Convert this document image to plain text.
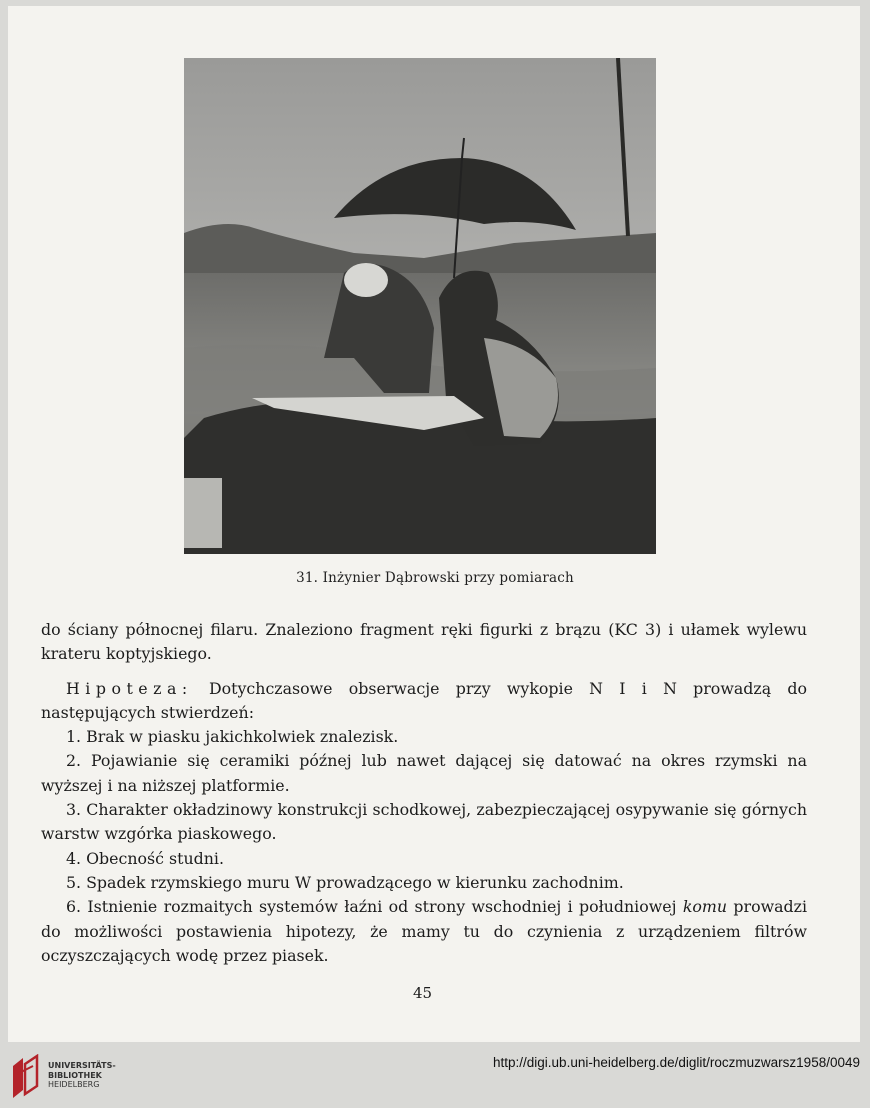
31. Inżynier Dąbrowski przy pomiarach

do ściany północnej filaru. Znaleziono fragment ręki figurki z brązu (KC 3) i ułamek wylewu krateru koptyjskiego.

Hipoteza: Dotychczasowe obserwacje przy wykopie N I i N prowadzą do następujących stwierdzeń:

1. Brak w piasku jakichkolwiek znalezisk.

2. Pojawianie się ceramiki późnej lub nawet dającej się datować na okres rzymski na wyższej i na niższej platformie.

3. Charakter okładzinowy konstrukcji schodkowej, zabezpieczającej osypywanie się górnych warstw wzgórka piaskowego.

4. Obecność studni.

5. Spadek rzymskiego muru W prowadzącego w kierunku zachodnim.

6. Istnienie rozmaitych systemów łaźni od strony wschodniej i południowej komu prowadzi do możliwości postawienia hipotezy, że mamy tu do czynienia z urządzeniem filtrów oczyszczających wodę przez piasek.

45
UNIVERSITÄTS-
BIBLIOTHEK
HEIDELBERG
http://digi.ub.uni-heidelberg.de/diglit/roczmuzwarsz1958/0049
